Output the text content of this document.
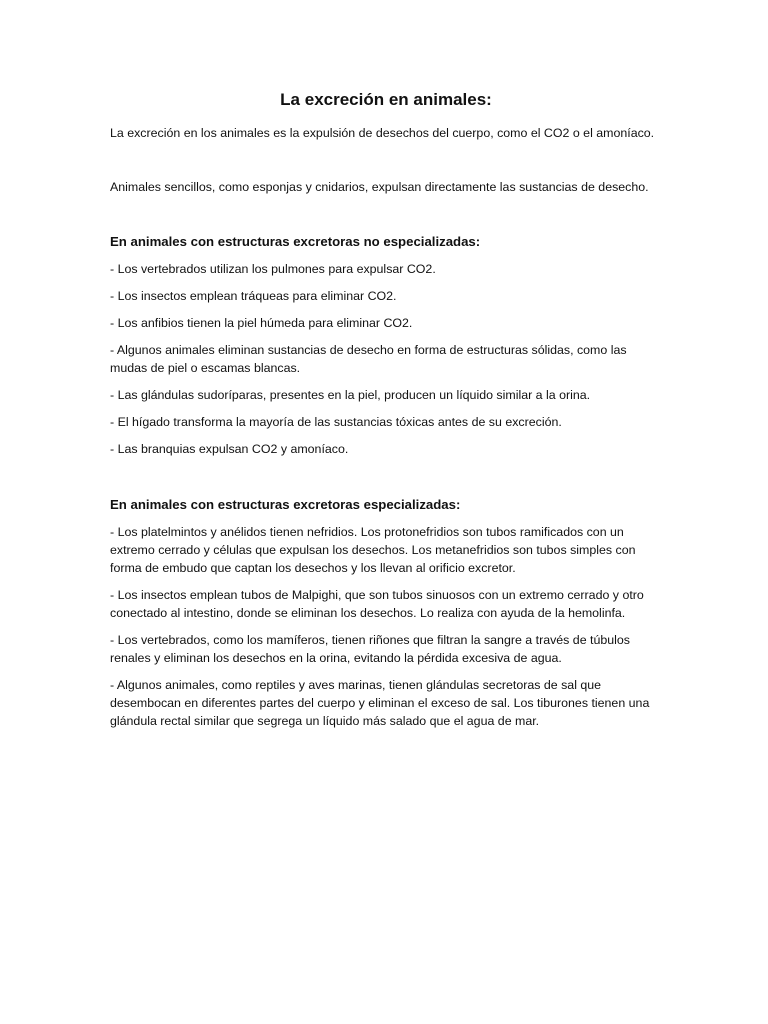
La excreción en animales:

La excreción en los animales es la expulsión de desechos del cuerpo, como el CO2 o el amoníaco.

Animales sencillos, como esponjas y cnidarios, expulsan directamente las sustancias de desecho.

En animales con estructuras excretoras no especializadas:

- Los vertebrados utilizan los pulmones para expulsar CO2.

- Los insectos emplean tráqueas para eliminar CO2.

- Los anfibios tienen la piel húmeda para eliminar CO2.

- Algunos animales eliminan sustancias de desecho en forma de estructuras sólidas, como las mudas de piel o escamas blancas.

- Las glándulas sudoríparas, presentes en la piel, producen un líquido similar a la orina.

- El hígado transforma la mayoría de las sustancias tóxicas antes de su excreción.

- Las branquias expulsan CO2 y amoníaco.

En animales con estructuras excretoras especializadas:

- Los platelmintos y anélidos tienen nefridios. Los protonefridios son tubos ramificados con un extremo cerrado y células que expulsan los desechos. Los metanefridios son tubos simples con forma de embudo que captan los desechos y los llevan al orificio excretor.

- Los insectos emplean tubos de Malpighi, que son tubos sinuosos con un extremo cerrado y otro conectado al intestino, donde se eliminan los desechos. Lo realiza con ayuda de la hemolinfa.

- Los vertebrados, como los mamíferos, tienen riñones que filtran la sangre a través de túbulos renales y eliminan los desechos en la orina, evitando la pérdida excesiva de agua.

- Algunos animales, como reptiles y aves marinas, tienen glándulas secretoras de sal que desembocan en diferentes partes del cuerpo y eliminan el exceso de sal. Los tiburones tienen una glándula rectal similar que segrega un líquido más salado que el agua de mar.
